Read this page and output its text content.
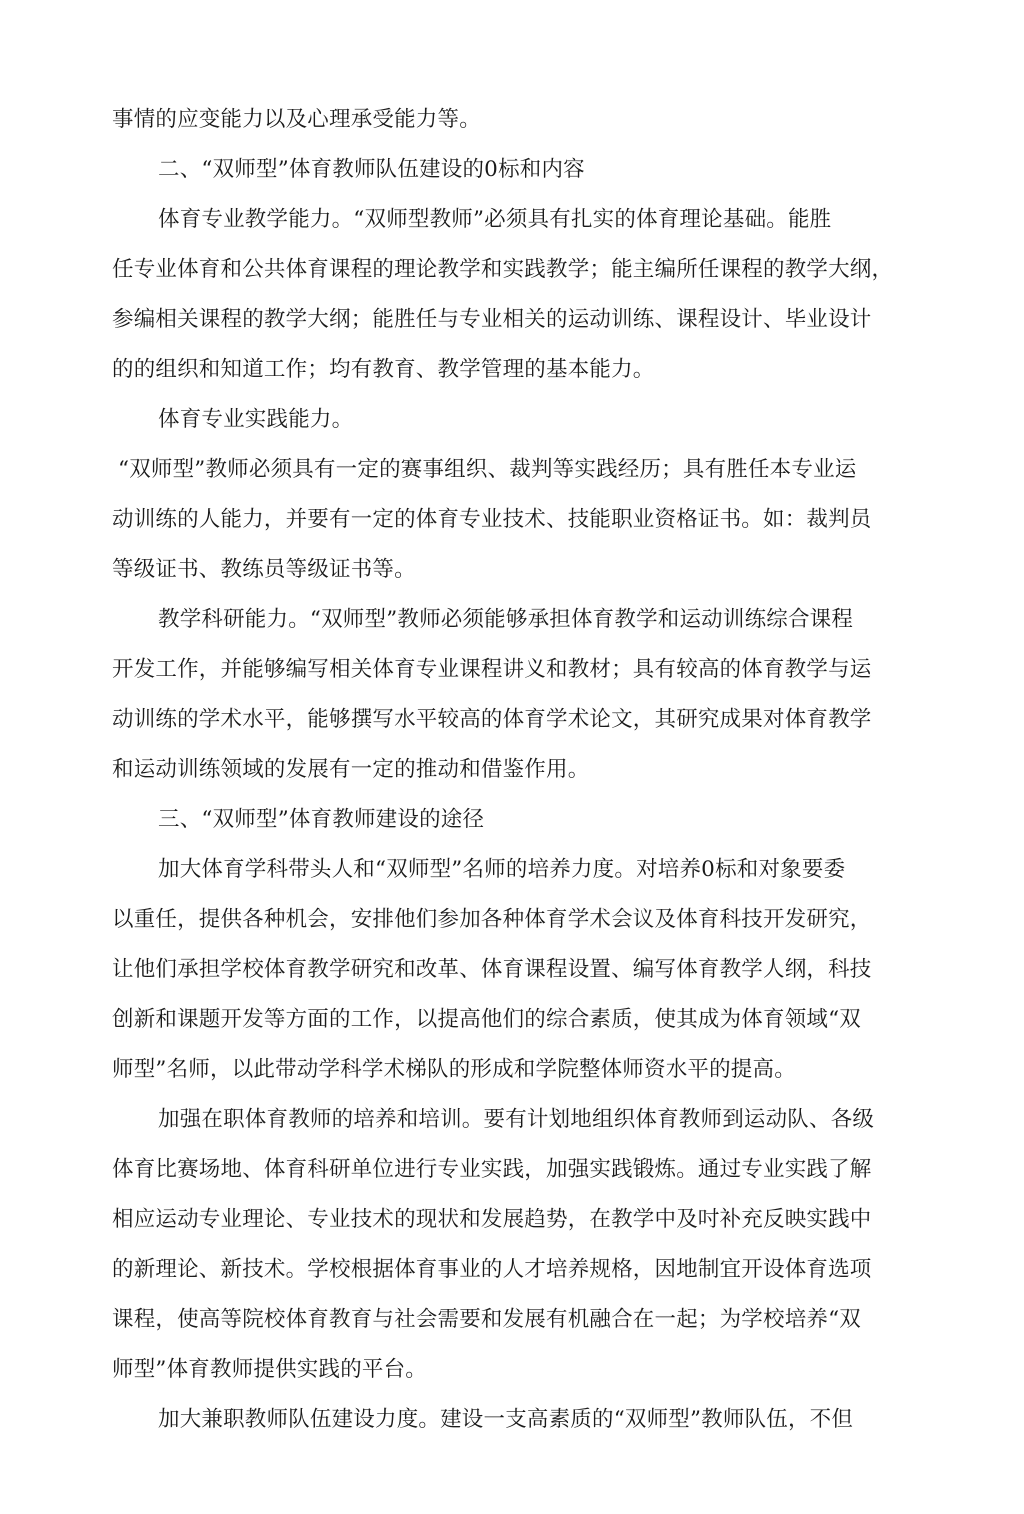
事情的应变能力以及心理承受能力等。
二、“双师型”体育教师队伍建设的0标和内容
体育专业教学能力。“双师型教师”必须具有扎实的体育理论基础。能胜
任专业体育和公共体育课程的理论教学和实践教学；能主编所任课程的教学大纲，
参编相关课程的教学大纲；能胜任与专业相关的运动训练、课程设计、毕业设计
的的组织和知道工作；均有教育、教学管理的基本能力。
体育专业实践能力。
“双师型”教师必须具有一定的赛事组织、裁判等实践经历；具有胜任本专业运
动训练的人能力，并要有一定的体育专业技术、技能职业资格证书。如：裁判员
等级证书、教练员等级证书等。
教学科研能力。“双师型”教师必须能够承担体育教学和运动训练综合课程
开发工作，并能够编写相关体育专业课程讲义和教材；具有较高的体育教学与运
动训练的学术水平，能够撰写水平较高的体育学术论文，其研究成果对体育教学
和运动训练领域的发展有一定的推动和借鉴作用。
三、“双师型”体育教师建设的途径
加大体育学科带头人和“双师型”名师的培养力度。对培养0标和对象要委
以重任，提供各种机会，安排他们参加各种体育学术会议及体育科技开发研究，
让他们承担学校体育教学研究和改革、体育课程设置、编写体育教学人纲，科技
创新和课题开发等方面的工作，以提高他们的综合素质，使其成为体育领域“双
师型”名师，以此带动学科学术梯队的形成和学院整体师资水平的提高。
加强在职体育教师的培养和培训。要有计划地组织体育教师到运动队、各级
体育比赛场地、体育科研单位进行专业实践，加强实践锻炼。通过专业实践了解
相应运动专业理论、专业技术的现状和发展趋势，在教学中及吋补充反映实践中
的新理论、新技术。学校根据体育事业的人才培养规格，因地制宜开设体育选项
课程，使高等院校体育教育与社会需要和发展有机融合在一起；为学校培养“双
师型”体育教师提供实践的平台。
加大兼职教师队伍建设力度。建设一支高素质的“双师型”教师队伍，不但
